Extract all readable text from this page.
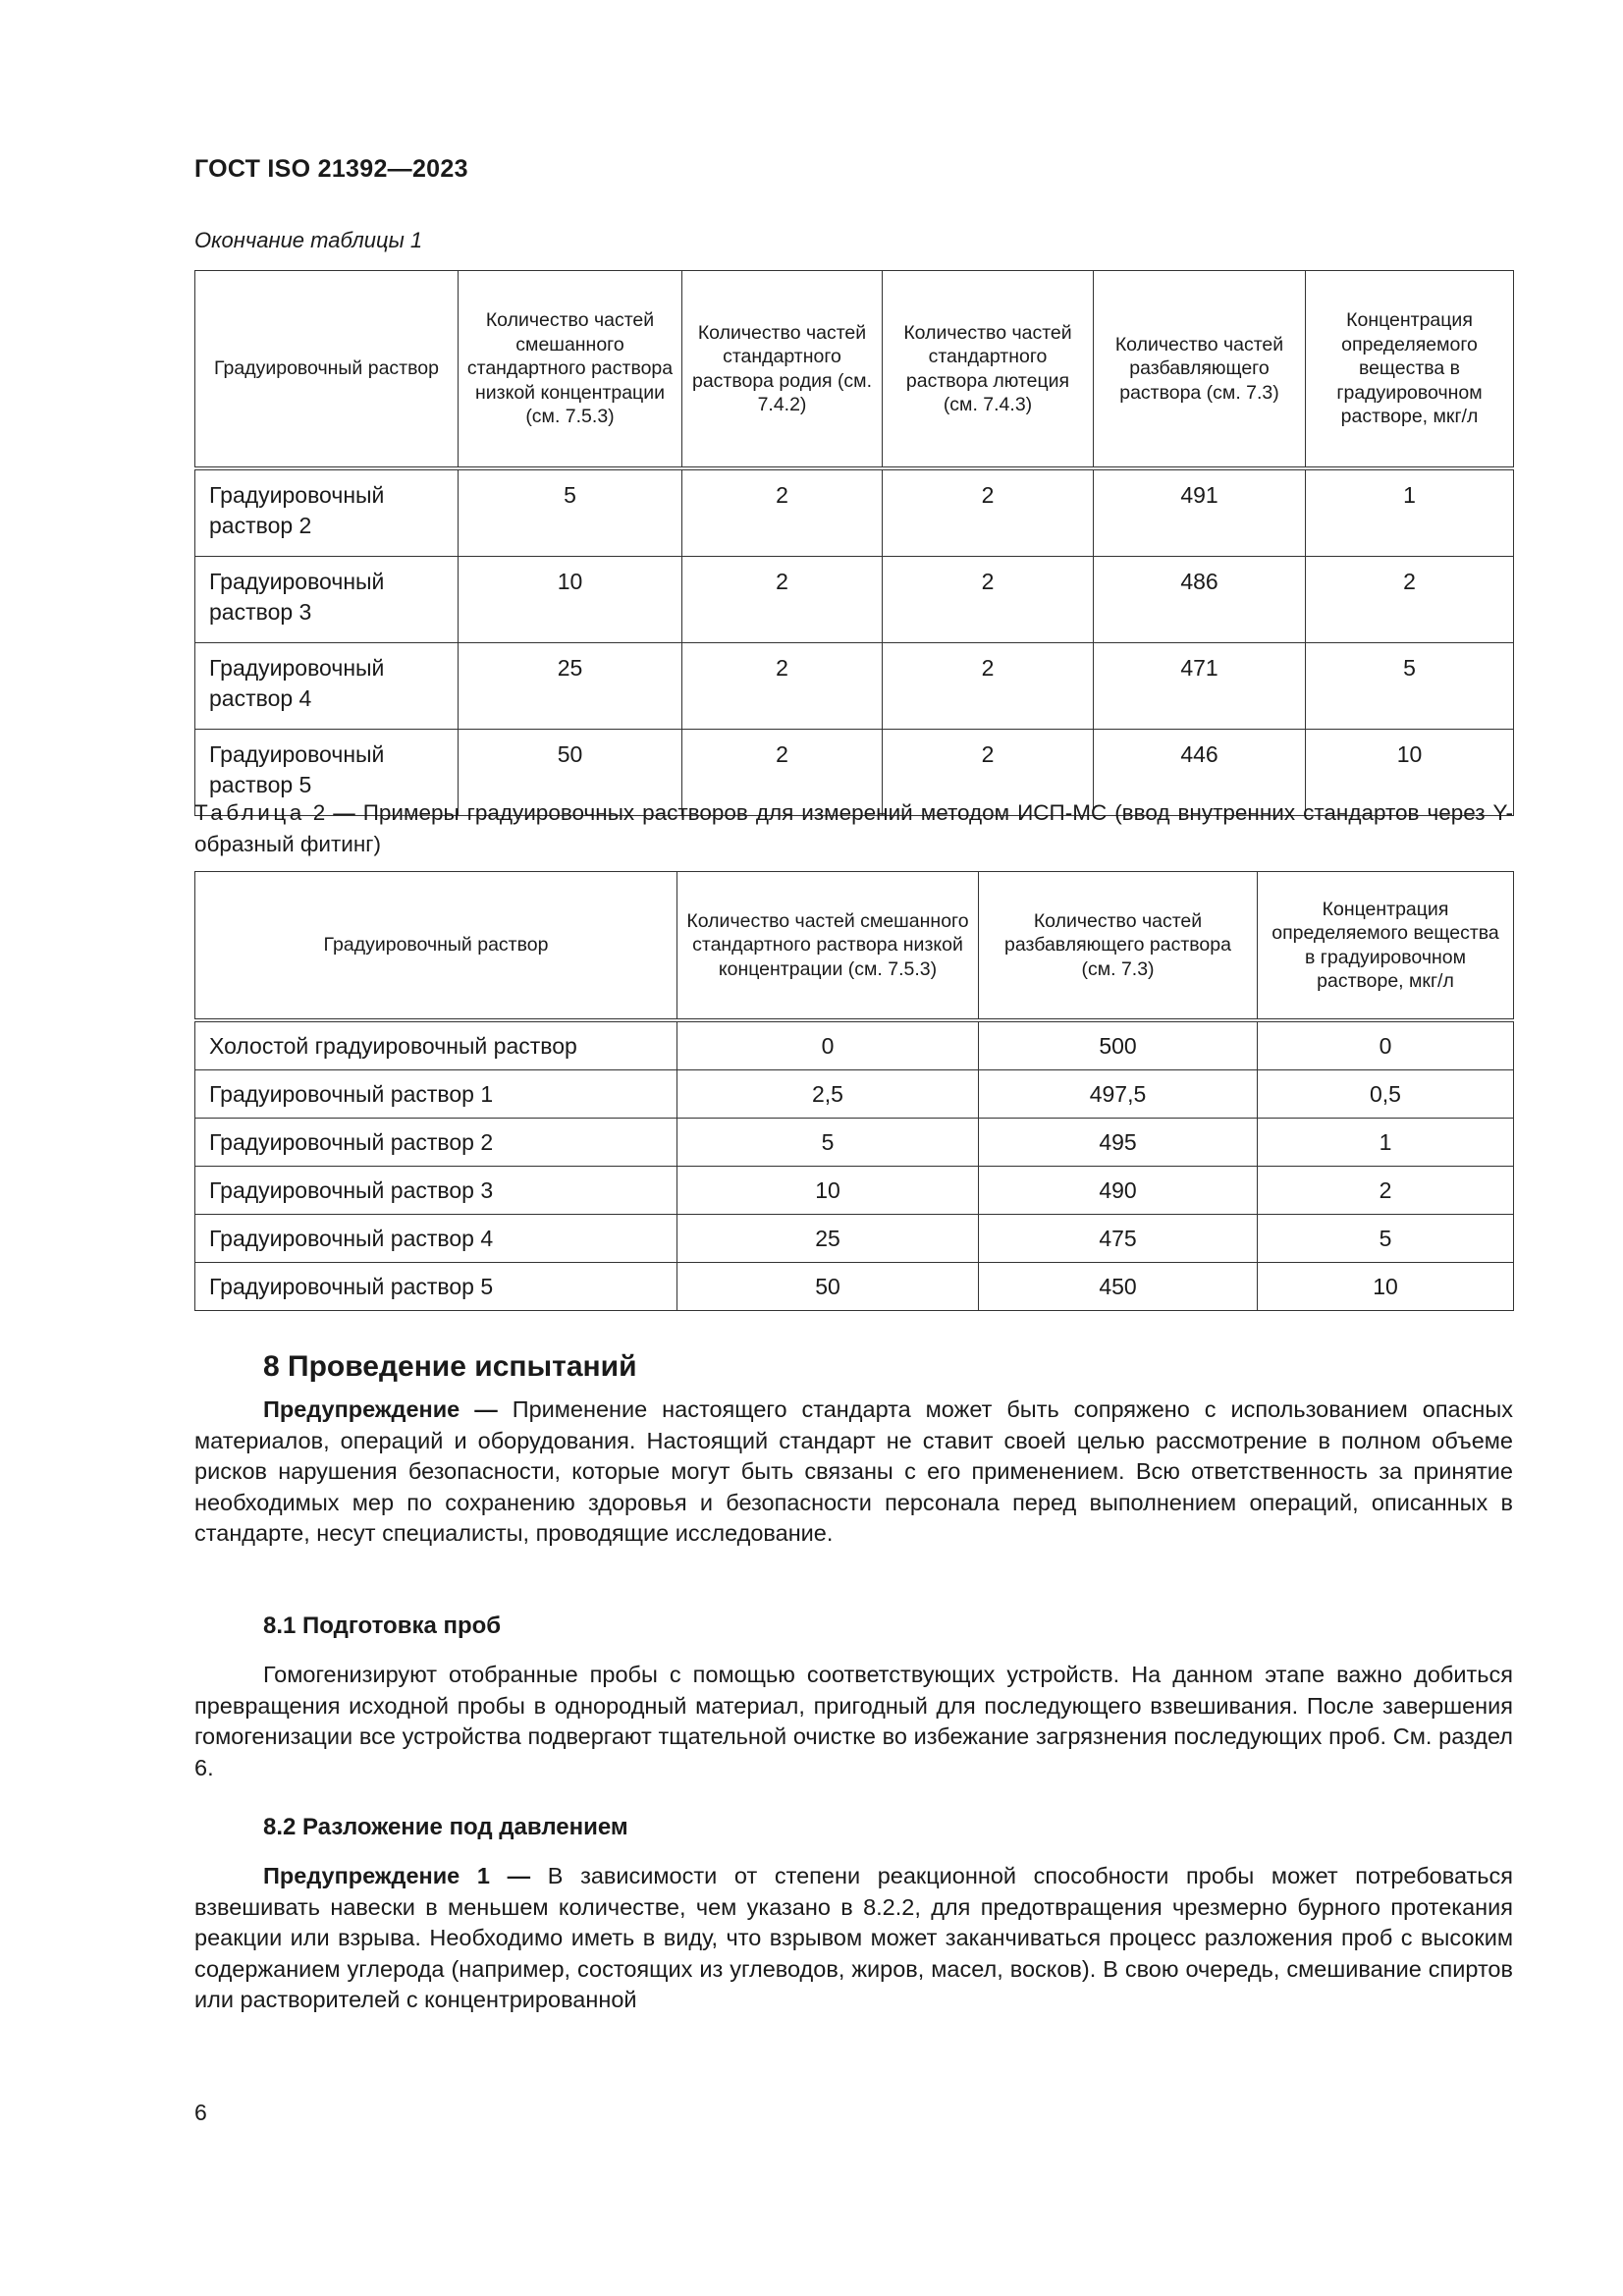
ГОСТ ISO 21392—2023
Окончание таблицы 1
Градуировочный раствор	Количество частей смешанного стандартного раствора низкой концентрации (см. 7.5.3)	Количество частей стандартного раствора родия (см. 7.4.2)	Количество частей стандартного раствора лютеция (см. 7.4.3)	Количество частей разбавляющего раствора (см. 7.3)	Концентрация определяемого вещества в градуировочном растворе, мкг/л
Градуировочный раствор 2	5	2	2	491	1
Градуировочный раствор 3	10	2	2	486	2
Градуировочный раствор 4	25	2	2	471	5
Градуировочный раствор 5	50	2	2	446	10
Таблица 2 — Примеры градуировочных растворов для измерений методом ИСП-МС (ввод внутренних стандартов через Y-образный фитинг)
Градуировочный раствор	Количество частей смешанного стандартного раствора низкой концентрации (см. 7.5.3)	Количество частей разбавляющего раствора (см. 7.3)	Концентрация определяемого вещества в градуировочном растворе, мкг/л
Холостой градуировочный раствор	0	500	0
Градуировочный раствор 1	2,5	497,5	0,5
Градуировочный раствор 2	5	495	1
Градуировочный раствор 3	10	490	2
Градуировочный раствор 4	25	475	5
Градуировочный раствор 5	50	450	10
8 Проведение испытаний
Предупреждение — Применение настоящего стандарта может быть сопряжено с использованием опасных материалов, операций и оборудования. Настоящий стандарт не ставит своей целью рассмотрение в полном объеме рисков нарушения безопасности, которые могут быть связаны с его применением. Всю ответственность за принятие необходимых мер по сохранению здоровья и безопасности персонала перед выполнением операций, описанных в стандарте, несут специалисты, проводящие исследование.
8.1 Подготовка проб
Гомогенизируют отобранные пробы с помощью соответствующих устройств. На данном этапе важно добиться превращения исходной пробы в однородный материал, пригодный для последующего взвешивания. После завершения гомогенизации все устройства подвергают тщательной очистке во избежание загрязнения последующих проб. См. раздел 6.
8.2 Разложение под давлением
Предупреждение 1 — В зависимости от степени реакционной способности пробы может потребоваться взвешивать навески в меньшем количестве, чем указано в 8.2.2, для предотвращения чрезмерно бурного протекания реакции или взрыва. Необходимо иметь в виду, что взрывом может заканчиваться процесс разложения проб с высоким содержанием углерода (например, состоящих из углеводов, жиров, масел, восков). В свою очередь, смешивание спиртов или растворителей с концентрированной
6
